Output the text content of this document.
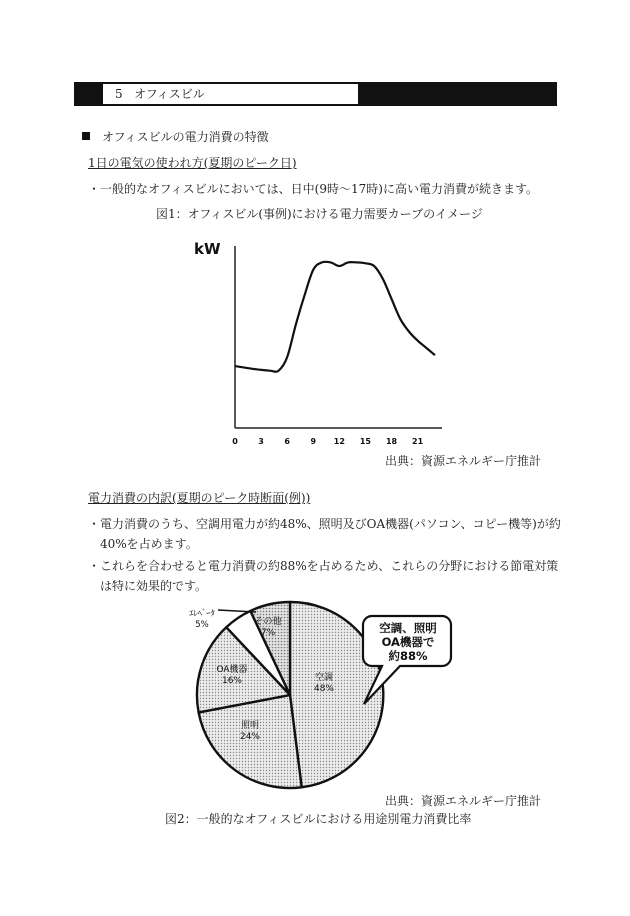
5 オフィスビル
オフィスビルの電力消費の特徴
1日の電気の使われ方(夏期のピーク日)
・一般的なオフィスビルにおいては、日中(9時～17時)に高い電力消費が続きます。
図1：オフィスビル(事例)における電力需要カーブのイメージ
kW
0	3	6	9 12 15 18 21
出典：資源エネルギー庁推計
電力消費の内訳(夏期のピーク時断面(例))
・電力消費のうち、空調用電力が約48%、照明及びOA機器(パソコン、コピー機等)が約
40%を占めます。
・これらを合わせると電力消費の約88%を占めるため、これらの分野における節電対策
は特に効果的です。
空調
48%
照明
24%
OA機器
16%
ｴﾚﾍﾞｰﾀ
5%	その他
7%	空調、照明
OA機器で
約88%
出典：資源エネルギー庁推計
図2：一般的なオフィスビルにおける用途別電力消費比率
